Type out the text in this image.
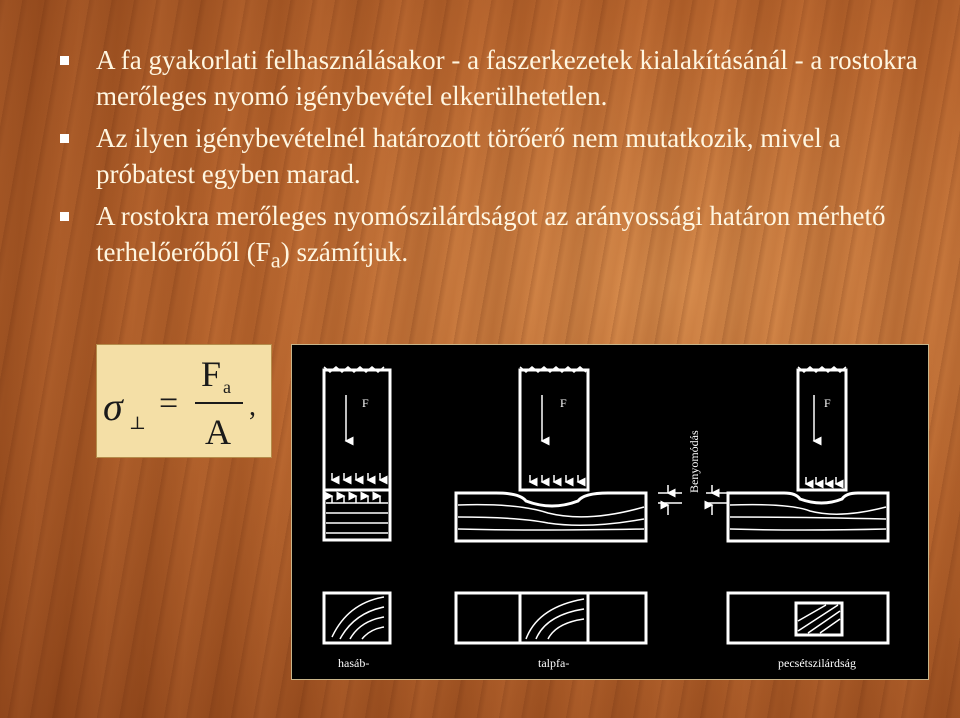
A fa gyakorlati felhasználásakor - a faszerkezetek kialakításánál - a rostokra merőleges nyomó igénybevétel elkerülhetetlen.
Az ilyen igénybevételnél határozott törőerő nem mutatkozik, mivel a próbatest egyben marad.
A rostokra merőleges nyomószilárdságot az arányossági határon mérhető terhelőerőből $(F_a)$ számítjuk.
σ ⊥
=
F a
A
,	F
hasáb-
F
talpfa-
Benyomódás
F
pecsétszilárdság
